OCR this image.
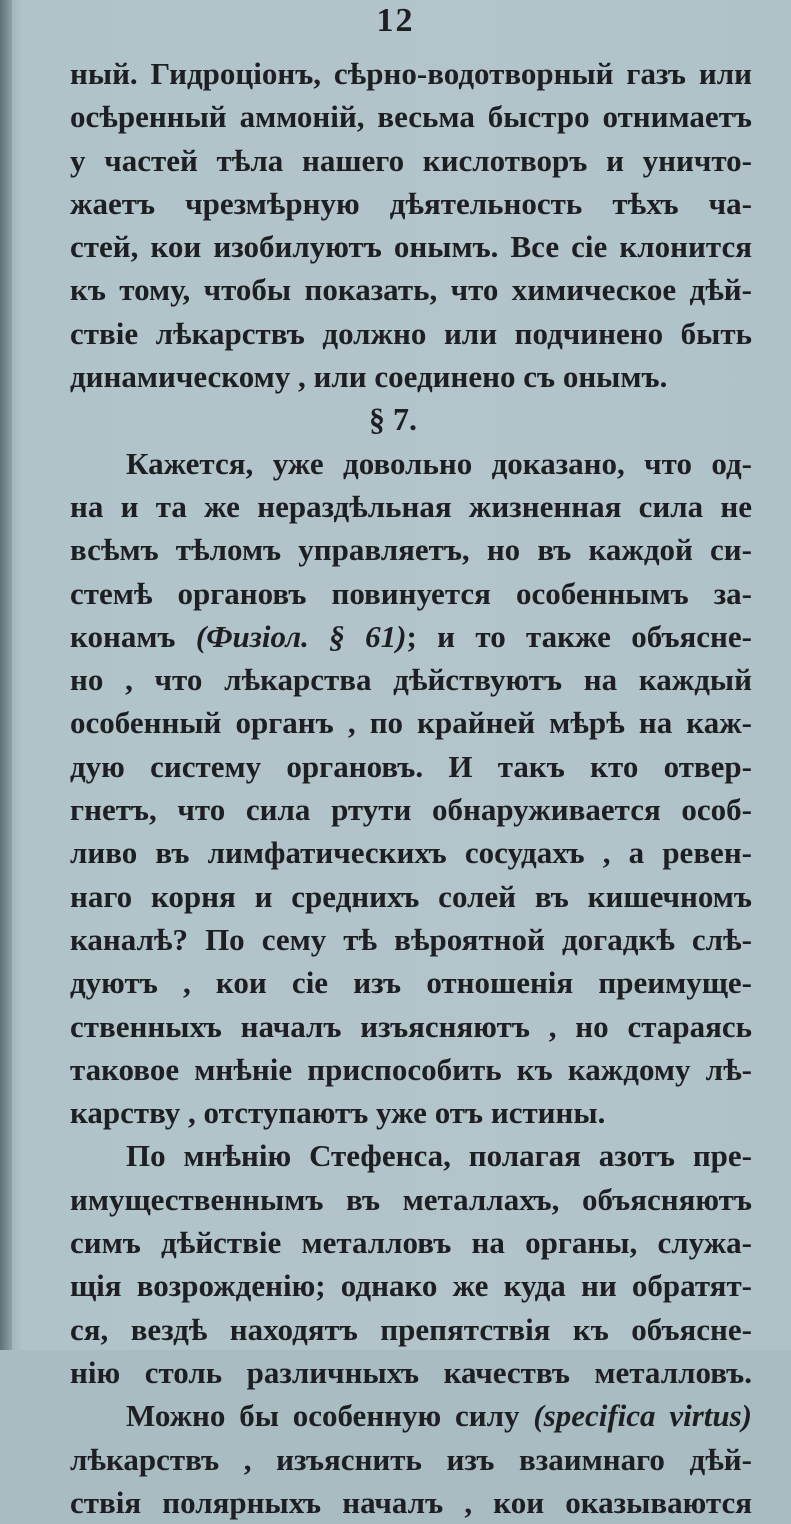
12
ный. Гидроціонъ, сѣрно-водотворный газъ или
осѣренный аммоній, весьма быстро отнимаетъ
у частей тѣла нашего кислотворъ и уничто-
жаетъ чрезмѣрную дѣятельность тѣхъ ча-
стей, кои изобилуютъ онымъ. Все сіе клонится
къ тому, чтобы показать, что химическое дѣй-
ствіе лѣкарствъ должно или подчинено быть
динамическому , или соединено съ онымъ.
§ 7.
Кажется, уже довольно доказано, что од-
на и та же нераздѣльная жизненная сила не
всѣмъ тѣломъ управляетъ, но въ каждой си-
стемѣ органовъ повинуется особеннымъ за-
конамъ (Физіол. § 61); и то также объясне-
но , что лѣкарства дѣйствуютъ на каждый
особенный органъ , по крайней мѣрѣ на каж-
дую систему органовъ. И такъ кто отвер-
гнетъ, что сила ртути обнаруживается особ-
ливо въ лимфатическихъ сосудахъ , а ревен-
наго корня и среднихъ солей въ кишечномъ
каналѣ? По сему тѣ вѣроятной догадкѣ слѣ-
дуютъ , кои сіе изъ отношенія преимуще-
ственныхъ началъ изъясняютъ , но стараясь
таковое мнѣніе приспособить къ каждому лѣ-
карству , отступаютъ уже отъ истины.
По мнѣнію Стефенса, полагая азотъ пре-
имущественнымъ въ металлахъ, объясняютъ
симъ дѣйствіе металловъ на органы, служа-
щія возрожденію; однако же куда ни обратят-
ся, вездѣ находятъ препятствія къ объясне-
нію столь различныхъ качествъ металловъ.
Можно бы особенную силу (specifica virtus)
лѣкарствъ , изъяснить изъ взаимнаго дѣй-
ствія полярныхъ началъ , кои оказываются
